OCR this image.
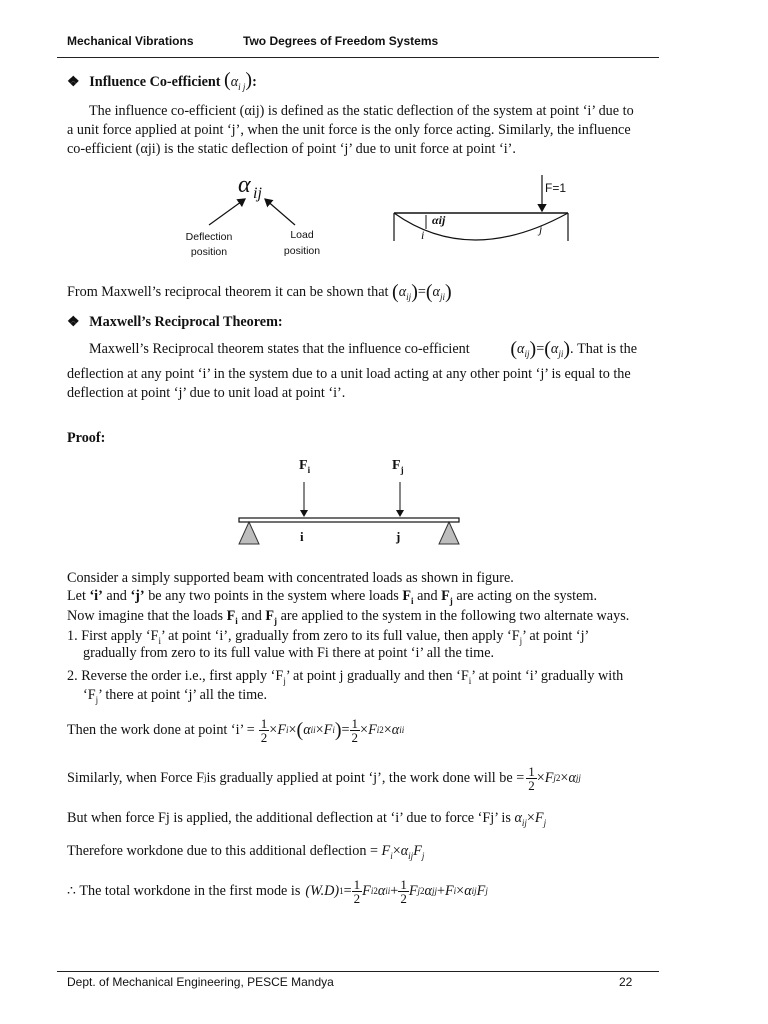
Mechanical Vibrations	Two Degrees of Freedom Systems
❖ Influence Co-efficient $(\alpha_{i j})$:
The influence co-efficient (αij) is defined as the static deflection of the system at point ‘i’ due to
a unit force applied at point ‘j’, when the unit force is the only force acting. Similarly, the influence
co-efficient (αji) is the static deflection of point ‘j’ due to unit force at point ‘i’.
α ij
Deflection
position
Load
position
F=1
αij
i	j
From Maxwell’s reciprocal theorem it can be shown that $(\alpha_{ij})=(\alpha_{ji})$
❖ Maxwell’s Reciprocal Theorem:
Maxwell’s Reciprocal theorem states that the influence co-efficient $(\alpha_{ij})=(\alpha_{ji})$. That is the
deflection at any point ‘i’ in the system due to a unit load acting at any other point ‘j’ is equal to the
deflection at point ‘j’ due to unit load at point ‘i’.
Proof:
$F_i$	$F_j$
i	j
Consider a simply supported beam with concentrated loads as shown in figure.
Let ‘i’ and ‘j’ be any two points in the system where loads $F_i$ and $F_j$ are acting on the system.
Now imagine that the loads $F_i$ and $F_j$ are applied to the system in the following two alternate ways.
1. First apply ‘$F_i$’ at point ‘i’, gradually from zero to its full value, then apply ‘$F_j$’ at point ‘j’
gradually from zero to its full value with Fi there at point ‘i’ all the time.
2. Reverse the order i.e., first apply ‘$F_j$’ at point j gradually and then ‘$F_i$’ at point ‘i’ gradually with
‘$F_j$’ there at point ‘j’ all the time.
Then the work done at point ‘i’ = $\frac{1}{2} \times F$ i × ( α ii × F i ) = $\frac{1}{2} \times F$ i 2 × α ii
Similarly, when Force F j is gradually applied at point ‘j’, the work done will be = $\frac{1}{2} \times F$ j 2 × α jj
But when force Fj is applied, the additional deflection at ‘i’ due to force ‘Fj’ is $\alpha_{ij}\times F_j$
Therefore workdone due to this additional deflection = $F_i\times\alpha_{ij}F_j$
∴ The total workdone in the first mode is (W.D) $1 = \frac{1}{2}$ F i 2 α ii + $\frac{1}{2}$ F j 2 α jj + F i × α ij F j
Dept. of Mechanical Engineering, PESCE Mandya	22
